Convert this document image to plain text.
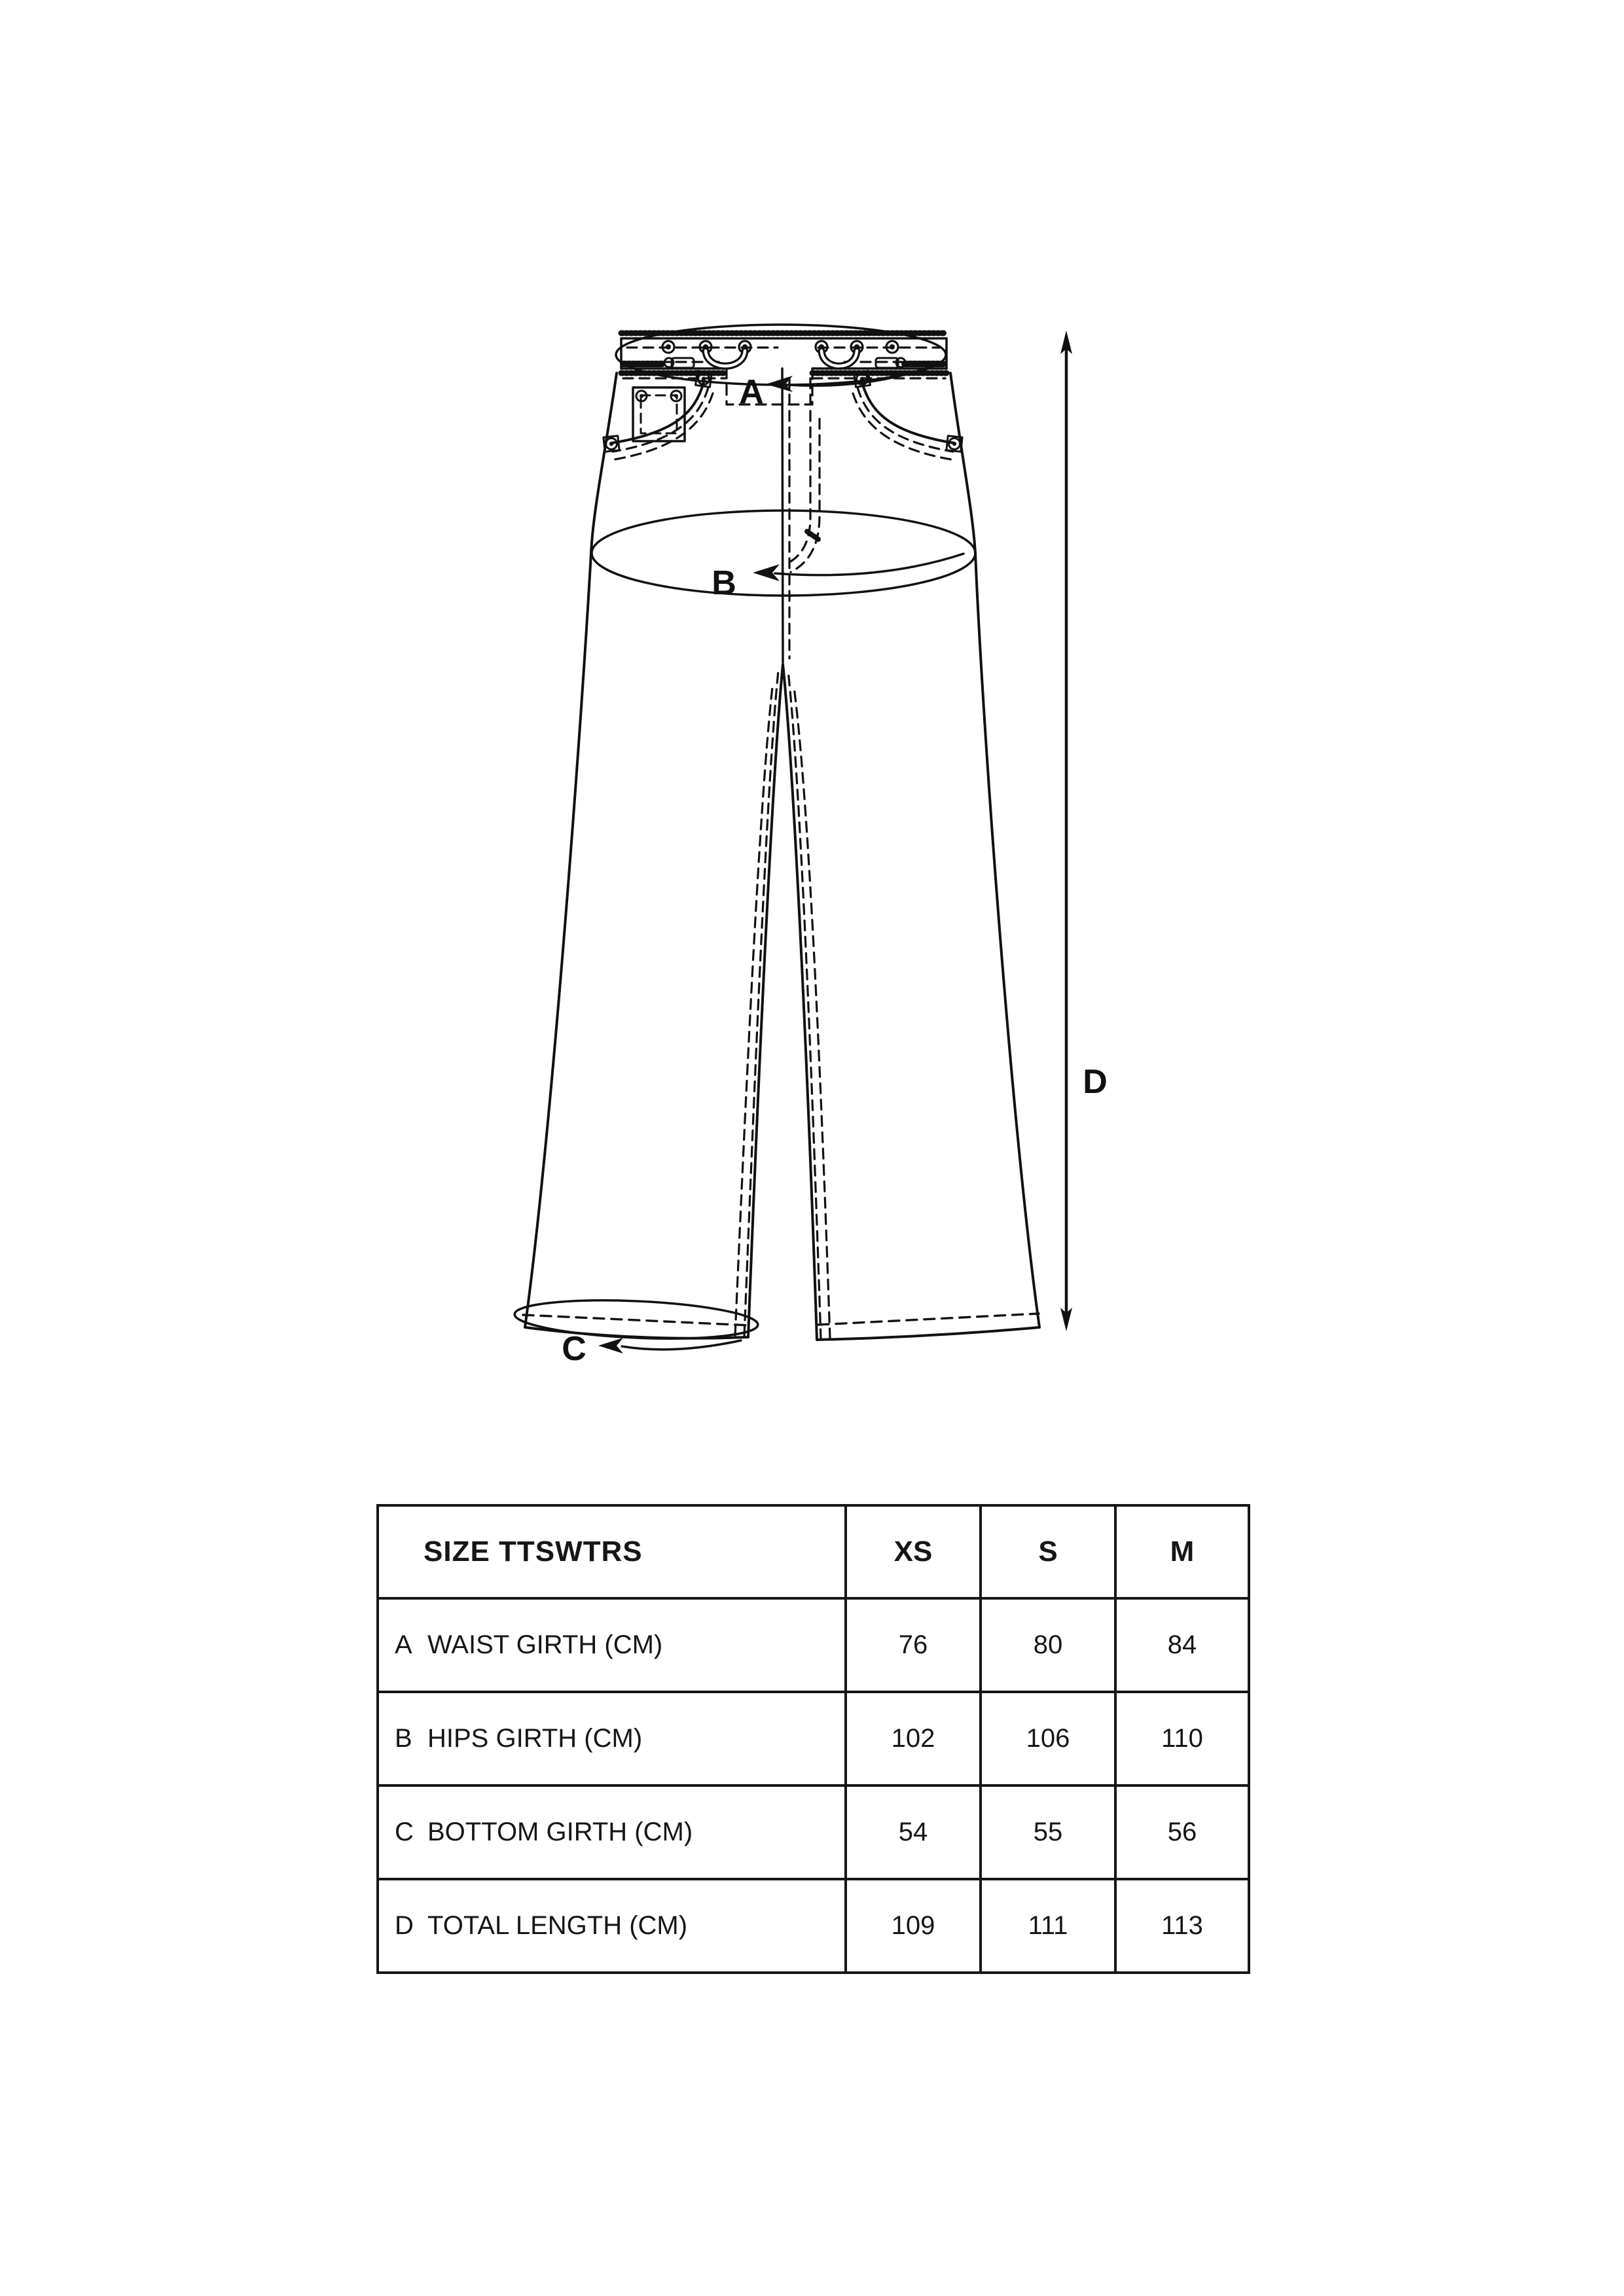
A
B
C
D
SIZE TTSWTRS	XS	S	M
A WAIST GIRTH (CM)	76	80	84
B HIPS GIRTH (CM)	102	106	110
C BOTTOM GIRTH (CM)	54	55	56
D TOTAL LENGTH (CM)	109	111	113
